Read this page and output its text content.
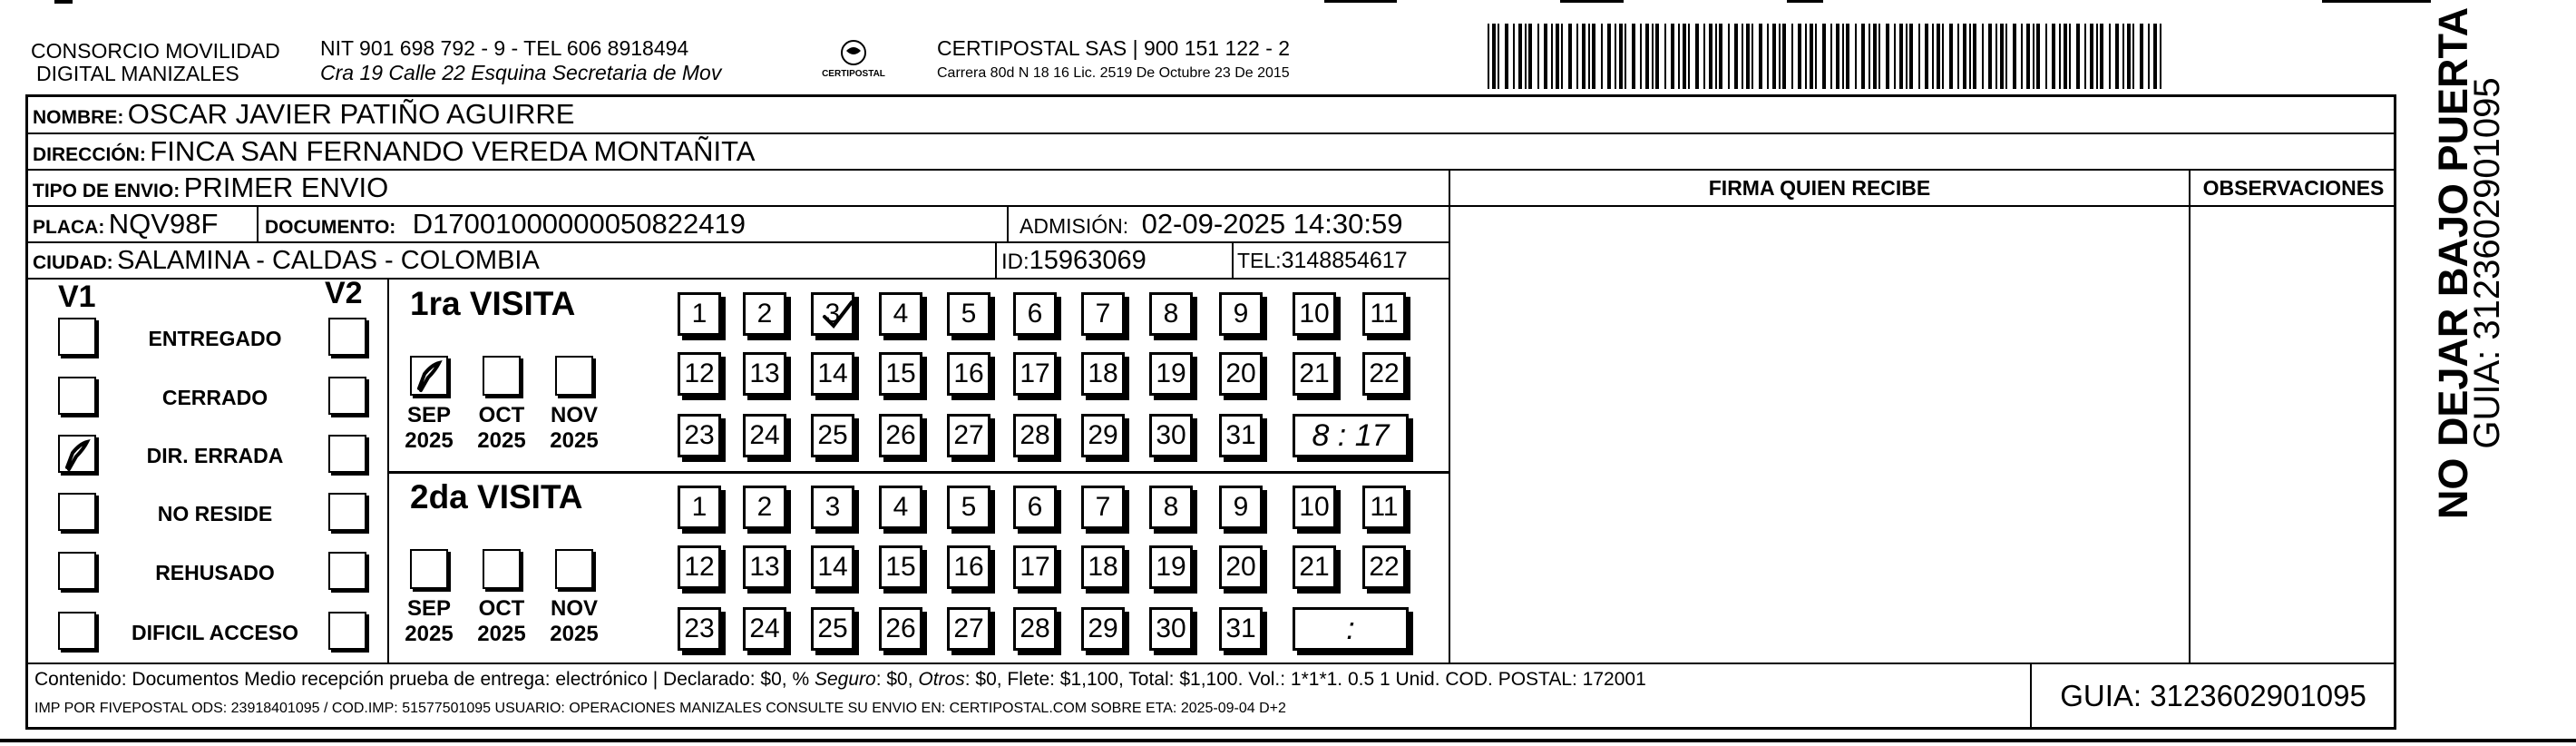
CONSORCIO MOVILIDAD
DIGITAL MANIZALES
NIT 901 698 792 - 9 - TEL 606 8918494
Cra 19 Calle 22 Esquina Secretaria de Mov	CERTIPOSTAL
CERTIPOSTAL SAS | 900 151 122 - 2
Carrera 80d N 18 16 Lic. 2519 De Octubre 23 De 2015
NOMBRE: OSCAR JAVIER PATIÑO AGUIRRE
DIRECCIÓN: FINCA SAN FERNANDO VEREDA MONTAÑITA
TIPO DE ENVIO: PRIMER ENVIO
PLACA: NQV98F DOCUMENTO: D17001000000050822419	ADMISIÓN: 02-09-2025 14:30:59
CIUDAD: SALAMINA - CALDAS - COLOMBIA	ID:15963069	TEL:3148854617
FIRMA QUIEN RECIBE	OBSERVACIONES
V1	V2
ENTREGADO
CERRADO
DIR. ERRADA
NO RESIDE
REHUSADO
DIFICIL ACCESO
1ra VISITA
SEP
2025
OCT
2025
NOV
2025
1	2	3	4	5	6	7	8	9	10 11
12 13 14 15 16 17 18 19 20 21 22
23 24 25 26 27 28 29 30 31	8 : 17
2da VISITA
SEP
2025
OCT
2025
NOV
2025
1	2	3	4	5	6	7	8	9	10 11
12 13 14 15 16 17 18 19 20 21 22
23 24 25 26 27 28 29 30 31	:
Contenido: Documentos Medio recepción prueba de entrega: electrónico | Declarado: $0, % Seguro: $0, Otros: $0, Flete: $1,100, Total: $1,100. Vol.: 1*1*1. 0.5 1 Unid. COD. POSTAL: 172001
IMP POR FIVEPOSTAL ODS: 23918401095 / COD.IMP: 51577501095 USUARIO: OPERACIONES MANIZALES CONSULTE SU ENVIO EN: CERTIPOSTAL.COM SOBRE ETA: 2025-09-04 D+2	GUIA: 3123602901095
NO DEJAR BAJO PUERTA
GUIA: 3123602901095
